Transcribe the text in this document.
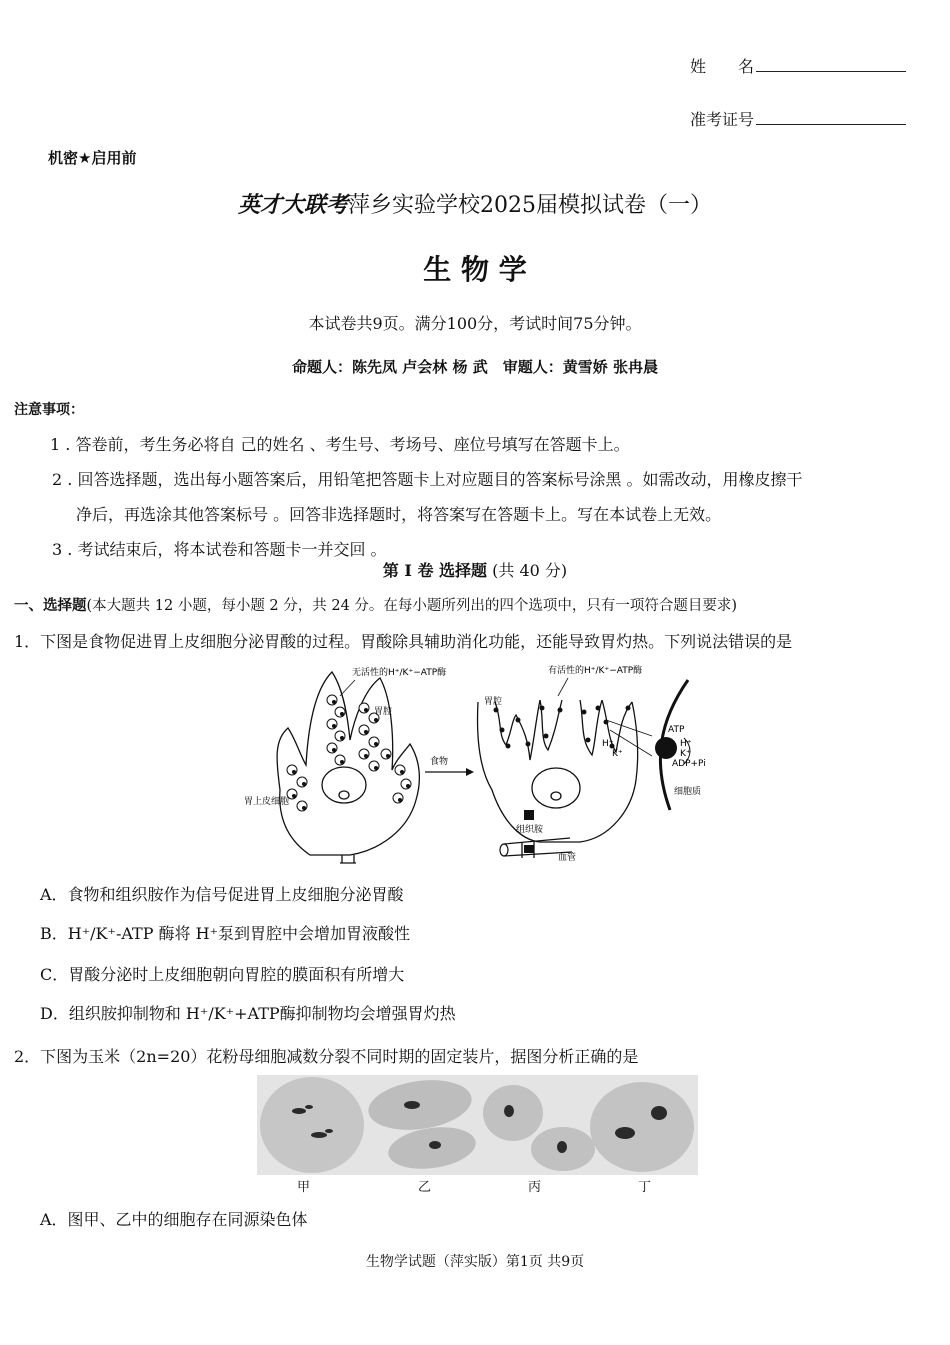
姓　　名
准考证号
机密★启用前
英才大联考萍乡实验学校2025届模拟试卷（一）
生 物 学
本试卷共9页。满分100分，考试时间75分钟。
命题人：陈先凤 卢会林 杨 武　审题人：黄雪娇 张冉晨
注意事项：
1 . 答卷前，考生务必将自 己的姓名 、考生号、考场号、座位号填写在答题卡上。
2 . 回答选择题，选出每小题答案后，用铅笔把答题卡上对应题目的答案标号涂黑 。如需改动，用橡皮擦干
净后，再选涂其他答案标号 。回答非选择题时，将答案写在答题卡上。写在本试卷上无效。
3 . 考试结束后，将本试卷和答题卡一并交回 。
第 I 卷 选择题 (共 40 分)
一、选择题(本大题共 12 小题，每小题 2 分，共 24 分。在每小题所列出的四个选项中，只有一项符合题目要求)
1．下图是食物促进胃上皮细胞分泌胃酸的过程。胃酸除具辅助消化功能，还能导致胃灼热。下列说法错误的是
无活性的H⁺/K⁺−ATP酶
胃腔
胃上皮细胞
食物
有活性的H⁺/K⁺−ATP酶
胃腔
组织胺
血管
ATP
ADP+Pi
H⁺
K⁺
H⁺
K⁺
细胞质
A．食物和组织胺作为信号促进胃上皮细胞分泌胃酸
B．H⁺/K⁺-ATP 酶将 H⁺泵到胃腔中会增加胃液酸性
C．胃酸分泌时上皮细胞朝向胃腔的膜面积有所增大
D．组织胺抑制物和 H⁺/K⁺+ATP酶抑制物均会增强胃灼热
2．下图为玉米（2n=20）花粉母细胞减数分裂不同时期的固定装片，据图分析正确的是
甲	乙	丙	丁
A．图甲、乙中的细胞存在同源染色体
生物学试题（萍实版）第1页 共9页
